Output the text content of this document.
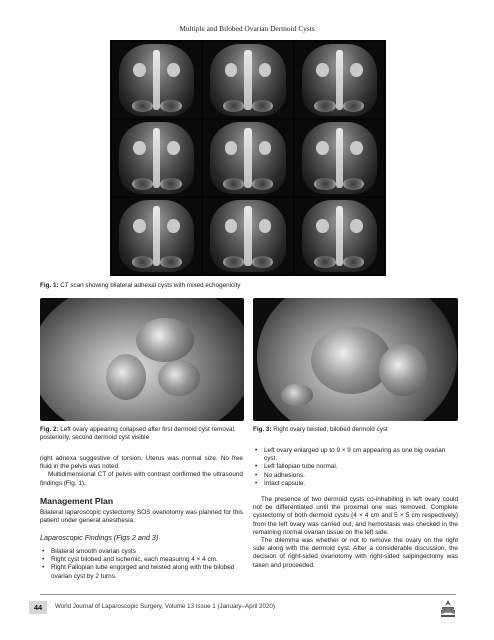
Multiple and Bilobed Ovarian Dermoid Cysts
Fig. 1: CT scan showing bilateral adnexal cysts with mixed echogenicity
Fig. 2: Left ovary appearing collapsed after first dermoid cyst removal, posteriorly, second dermoid cyst visible
Fig. 3: Right ovary twisted, bilobed dermoid cyst

right adnexa suggestive of torsion. Uterus was normal size. No free fluid in the pelvis was noted.

Multidimensional CT of pelvis with contrast confirmed the ultrasound findings (Fig. 1).

Management Plan

Bilateral laparoscopic cystectomy SOS ovariotomy was planned for this patient under general anesthesia.

Laparoscopic Findings (Figs 2 and 3)
• Bilateral smooth ovarian cysts
• Right cyst bilobed and ischemic, each measuring 4 × 4 cm.
• Right Fallopian tube engorged and twisted along with the bilobed ovarian cyst by 2 turns.
• Left ovary enlarged up to 9 × 9 cm appearing as one big ovarian cyst.
• Left fallopian tube normal.
• No adhesions.
• Intact capsule.

The presence of two dermoid cysts co-inhabiting in left ovary could not be differentiated until the proximal one was removed. Complete cystectomy of both dermoid cysts (4 × 4 cm and 5 × 5 cm respectively) from the left ovary was carried out, and hemostasis was checked in the remaining normal ovarian tissue on the left side.

The dilemma was whether or not to remove the ovary on the right side along with the dermoid cyst. After a considerable discussion, the decision of right-sided ovariotomy with right-sided salpingectomy was taken and proceeded.

44	World Journal of Laparoscopic Surgery, Volume 13 Issue 1 (January–April 2020)
